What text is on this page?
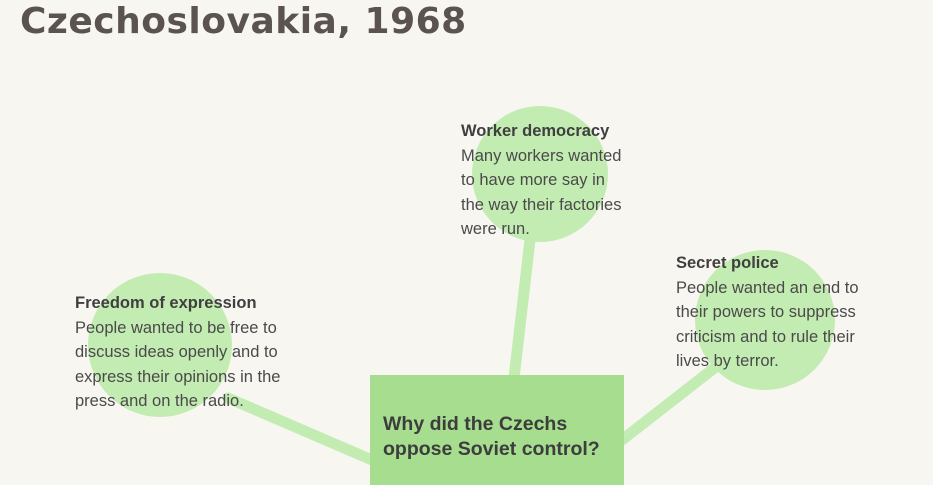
Czechoslovakia, 1968
Worker democracy
Many workers wanted
to have more say in
the way their factories
were run.
Secret police
People wanted an end to
their powers to suppress
criticism and to rule their
lives by terror.
Freedom of expression
People wanted to be free to
discuss ideas openly and to
express their opinions in the
press and on the radio.
Why did the Czechs
oppose Soviet control?
